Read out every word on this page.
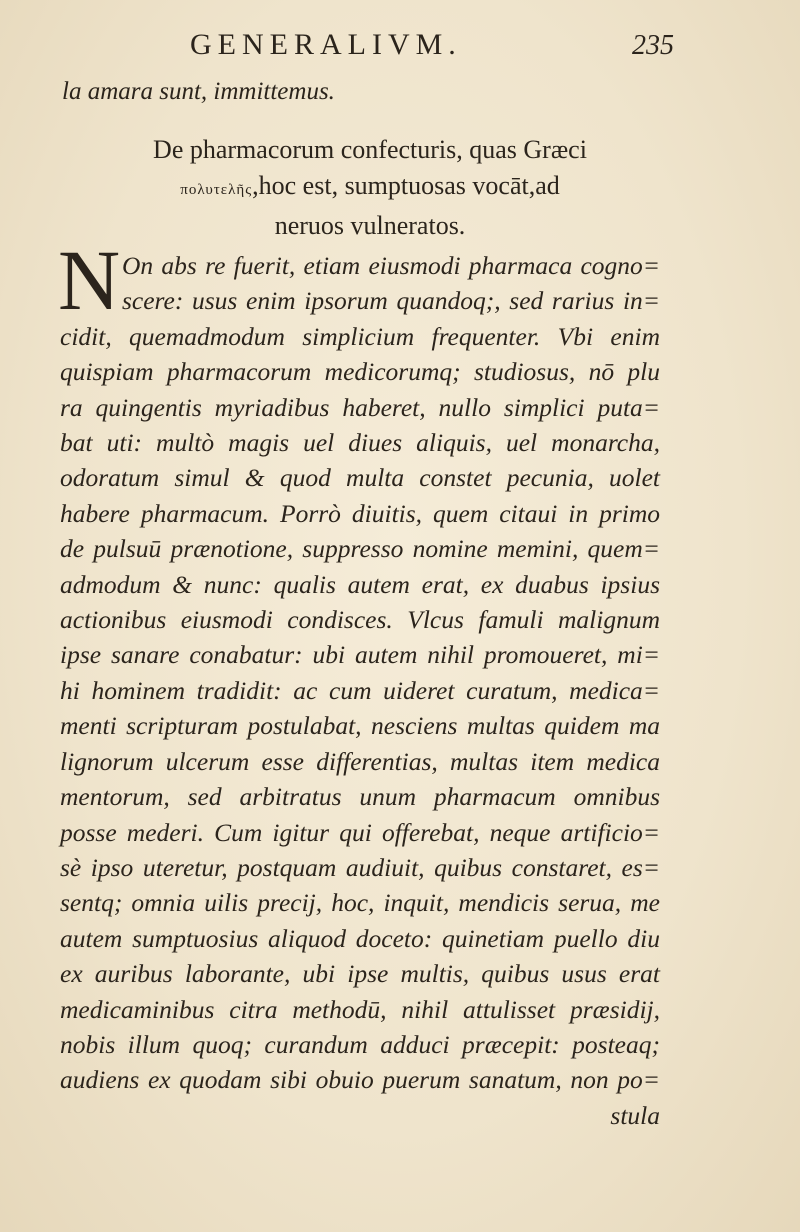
GENERALIVM.	235
la amara sunt, immittemus.
De pharmacorum confecturis, quas Græci
πολυτελῆς,hoc est, sumptuosas vocāt,ad
neruos vulneratos.
N On abs re fuerit, etiam eiusmodi pharmaca cogno=
scere: usus enim ipsorum quandoq;, sed rarius in=
cidit, quemadmodum simplicium frequenter. Vbi enim
quispiam pharmacorum medicorumq; studiosus, nō plu
ra quingentis myriadibus haberet, nullo simplici puta=
bat uti: multò magis uel diues aliquis, uel monarcha,
odoratum simul & quod multa constet pecunia, uolet
habere pharmacum. Porrò diuitis, quem citaui in primo
de pulsuū prænotione, suppresso nomine memini, quem=
admodum & nunc: qualis autem erat, ex duabus ipsius
actionibus eiusmodi condisces. Vlcus famuli malignum
ipse sanare conabatur: ubi autem nihil promoueret, mi=
hi hominem tradidit: ac cum uideret curatum, medica=
menti scripturam postulabat, nesciens multas quidem ma
lignorum ulcerum esse differentias, multas item medica
mentorum, sed arbitratus unum pharmacum omnibus
posse mederi. Cum igitur qui offerebat, neque artificio=
sè ipso uteretur, postquam audiuit, quibus constaret, es=
sentq; omnia uilis precij, hoc, inquit, mendicis serua, me
autem sumptuosius aliquod doceto: quinetiam puello diu
ex auribus laborante, ubi ipse multis, quibus usus erat
medicaminibus citra methodū, nihil attulisset præsidij,
nobis illum quoq; curandum adduci præcepit: posteaq;
audiens ex quodam sibi obuio puerum sanatum, non po=
stula
